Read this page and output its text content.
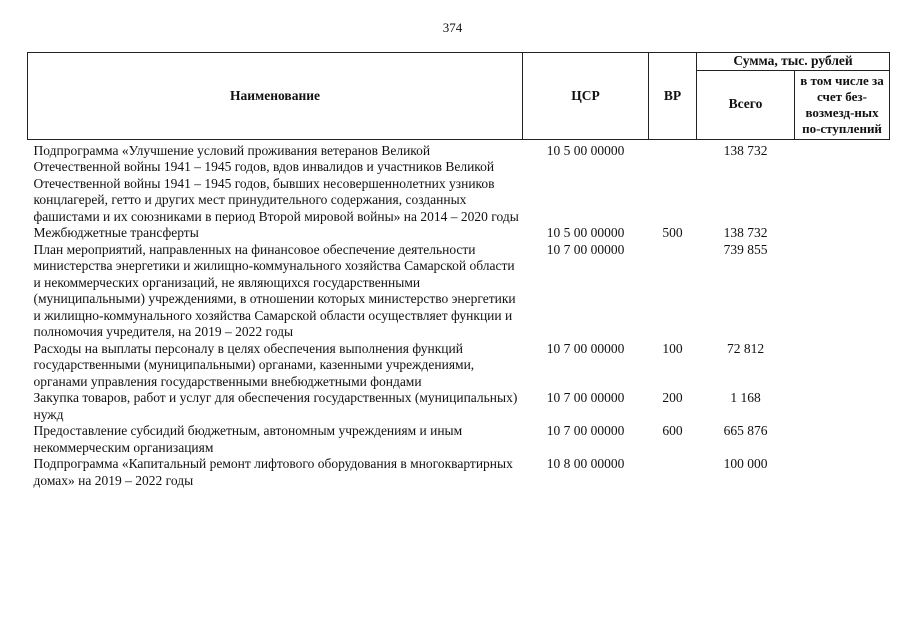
374
Наименование	ЦСР	ВР	Сумма, тыс. рублей	
			Всего	в том числе за счет без-возмезд-ных по-ступлений
Подпрограмма «Улучшение условий проживания ветеранов Великой Отечественной войны 1941 – 1945 годов, вдов инвалидов и участников Великой Отечественной войны 1941 – 1945 годов, бывших несовершеннолетних узников концлагерей, гетто и других мест принудительного содержания, созданных фашистами и их союзниками в период Второй мировой войны» на 2014 – 2020 годы	10 5 00 00000		138 732	
Межбюджетные трансферты	10 5 00 00000	500	138 732	
План мероприятий, направленных на финансовое обеспечение деятельности министерства энергетики и жилищно-коммунального хозяйства Самарской области и некоммерческих организаций, не являющихся государственными (муниципальными) учреждениями, в отношении которых министерство энергетики и жилищно-коммунального хозяйства Самарской области осуществляет функции и полномочия учредителя, на 2019 – 2022 годы	10 7 00 00000		739 855	
Расходы на выплаты персоналу в целях обеспечения выполнения функций государственными (муниципальными) органами, казенными учреждениями, органами управления государственными внебюджетными фондами	10 7 00 00000	100	72 812	
Закупка товаров, работ и услуг для обеспечения государственных (муниципальных) нужд	10 7 00 00000	200	1 168	
Предоставление субсидий бюджетным, автономным учреждениям и иным некоммерческим организациям	10 7 00 00000	600	665 876	
Подпрограмма «Капитальный ремонт лифтового оборудования в многоквартирных домах» на 2019 – 2022 годы	10 8 00 00000		100 000	
